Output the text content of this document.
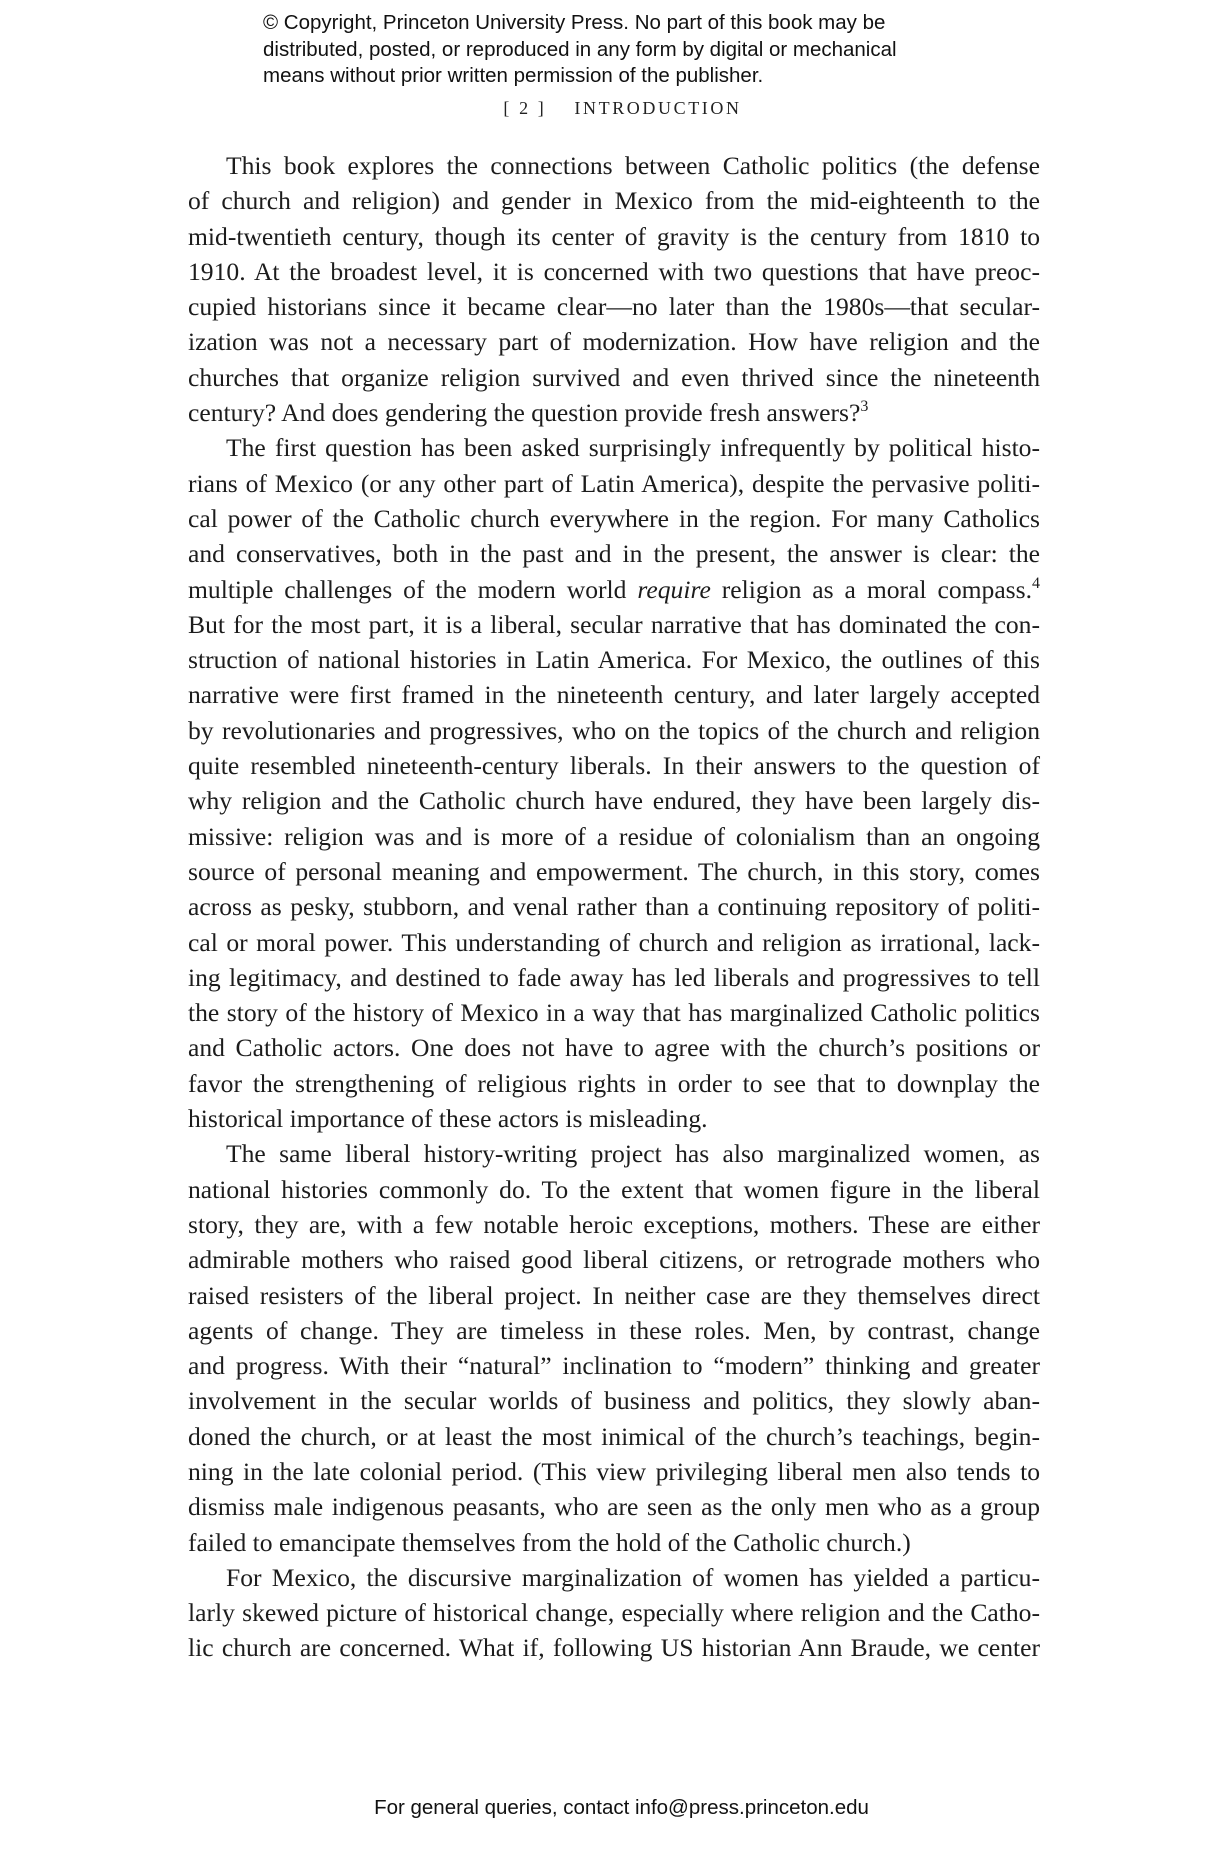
© Copyright, Princeton University Press. No part of this book may be
distributed, posted, or reproduced in any form by digital or mechanical
means without prior written permission of the publisher.
[ 2 ] INTRODUCTION

This book explores the connections between Catholic politics (the defense
of church and religion) and gender in Mexico from the mid-eighteenth to the
mid-twentieth century, though its center of gravity is the century from 1810 to
1910. At the broadest level, it is concerned with two questions that have preoc-
cupied historians since it became clear—no later than the 1980s—that secular-
ization was not a necessary part of modernization. How have religion and the
churches that organize religion survived and even thrived since the nineteenth
century? And does gendering the question provide fresh answers?$^3$

The first question has been asked surprisingly infrequently by political histo-
rians of Mexico (or any other part of Latin America), despite the pervasive politi-
cal power of the Catholic church everywhere in the region. For many Catholics
and conservatives, both in the past and in the present, the answer is clear: the
multiple challenges of the modern world require religion as a moral compass.$^4$
But for the most part, it is a liberal, secular narrative that has dominated the con-
struction of national histories in Latin America. For Mexico, the outlines of this
narrative were first framed in the nineteenth century, and later largely accepted
by revolutionaries and progressives, who on the topics of the church and religion
quite resembled nineteenth-century liberals. In their answers to the question of
why religion and the Catholic church have endured, they have been largely dis-
missive: religion was and is more of a residue of colonialism than an ongoing
source of personal meaning and empowerment. The church, in this story, comes
across as pesky, stubborn, and venal rather than a continuing repository of politi-
cal or moral power. This understanding of church and religion as irrational, lack-
ing legitimacy, and destined to fade away has led liberals and progressives to tell
the story of the history of Mexico in a way that has marginalized Catholic politics
and Catholic actors. One does not have to agree with the church’s positions or
favor the strengthening of religious rights in order to see that to downplay the
historical importance of these actors is misleading.

The same liberal history-writing project has also marginalized women, as
national histories commonly do. To the extent that women figure in the liberal
story, they are, with a few notable heroic exceptions, mothers. These are either
admirable mothers who raised good liberal citizens, or retrograde mothers who
raised resisters of the liberal project. In neither case are they themselves direct
agents of change. They are timeless in these roles. Men, by contrast, change
and progress. With their “natural” inclination to “modern” thinking and greater
involvement in the secular worlds of business and politics, they slowly aban-
doned the church, or at least the most inimical of the church’s teachings, begin-
ning in the late colonial period. (This view privileging liberal men also tends to
dismiss male indigenous peasants, who are seen as the only men who as a group
failed to emancipate themselves from the hold of the Catholic church.)

For Mexico, the discursive marginalization of women has yielded a particu-
larly skewed picture of historical change, especially where religion and the Catho-
lic church are concerned. What if, following US historian Ann Braude, we center

For general queries, contact info@press.princeton.edu
